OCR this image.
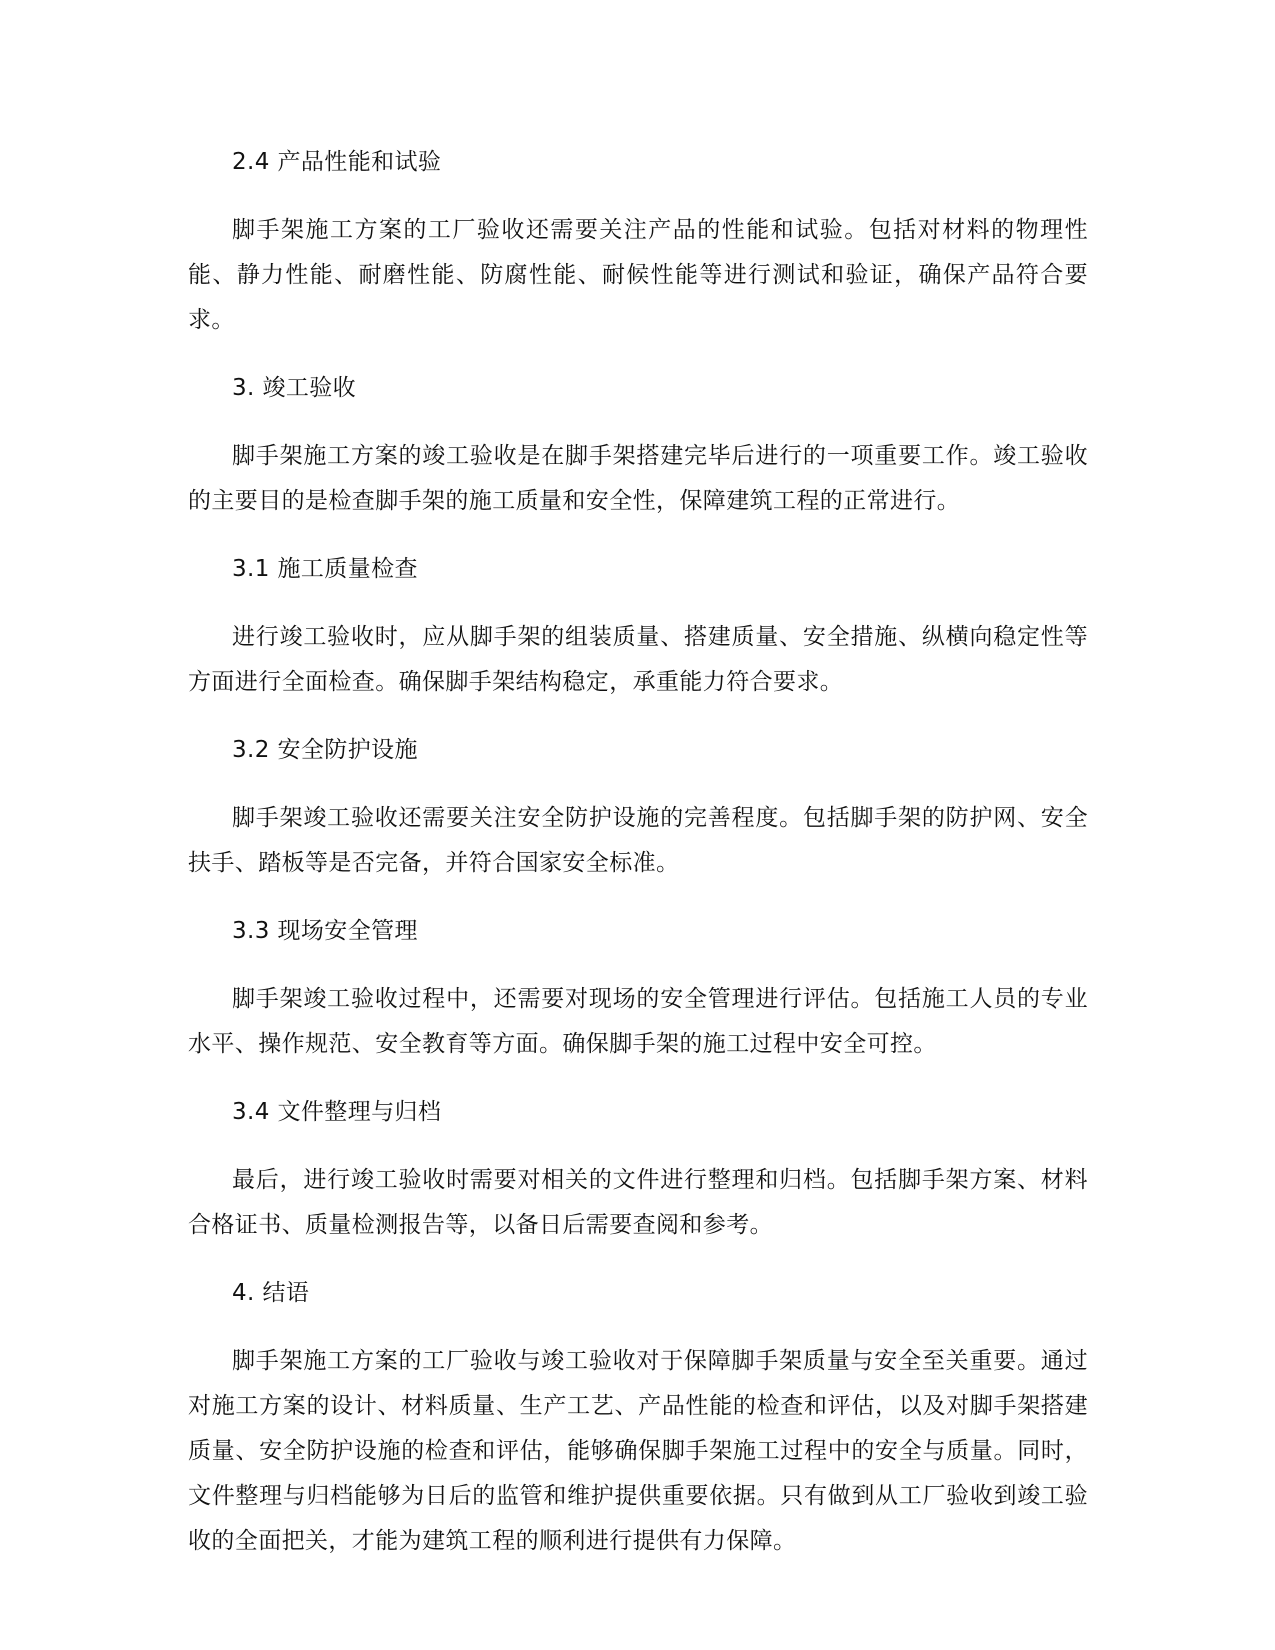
2.4 产品性能和试验

脚手架施工方案的工厂验收还需要关注产品的性能和试验。包括对材料的物理性能、静力性能、耐磨性能、防腐性能、耐候性能等进行测试和验证，确保产品符合要求。

3. 竣工验收

脚手架施工方案的竣工验收是在脚手架搭建完毕后进行的一项重要工作。竣工验收的主要目的是检查脚手架的施工质量和安全性，保障建筑工程的正常进行。

3.1 施工质量检查

进行竣工验收时，应从脚手架的组装质量、搭建质量、安全措施、纵横向稳定性等方面进行全面检查。确保脚手架结构稳定，承重能力符合要求。

3.2 安全防护设施

脚手架竣工验收还需要关注安全防护设施的完善程度。包括脚手架的防护网、安全扶手、踏板等是否完备，并符合国家安全标准。

3.3 现场安全管理

脚手架竣工验收过程中，还需要对现场的安全管理进行评估。包括施工人员的专业水平、操作规范、安全教育等方面。确保脚手架的施工过程中安全可控。

3.4 文件整理与归档

最后，进行竣工验收时需要对相关的文件进行整理和归档。包括脚手架方案、材料合格证书、质量检测报告等，以备日后需要查阅和参考。

4. 结语

脚手架施工方案的工厂验收与竣工验收对于保障脚手架质量与安全至关重要。通过对施工方案的设计、材料质量、生产工艺、产品性能的检查和评估，以及对脚手架搭建质量、安全防护设施的检查和评估，能够确保脚手架施工过程中的安全与质量。同时，文件整理与归档能够为日后的监管和维护提供重要依据。只有做到从工厂验收到竣工验收的全面把关，才能为建筑工程的顺利进行提供有力保障。
